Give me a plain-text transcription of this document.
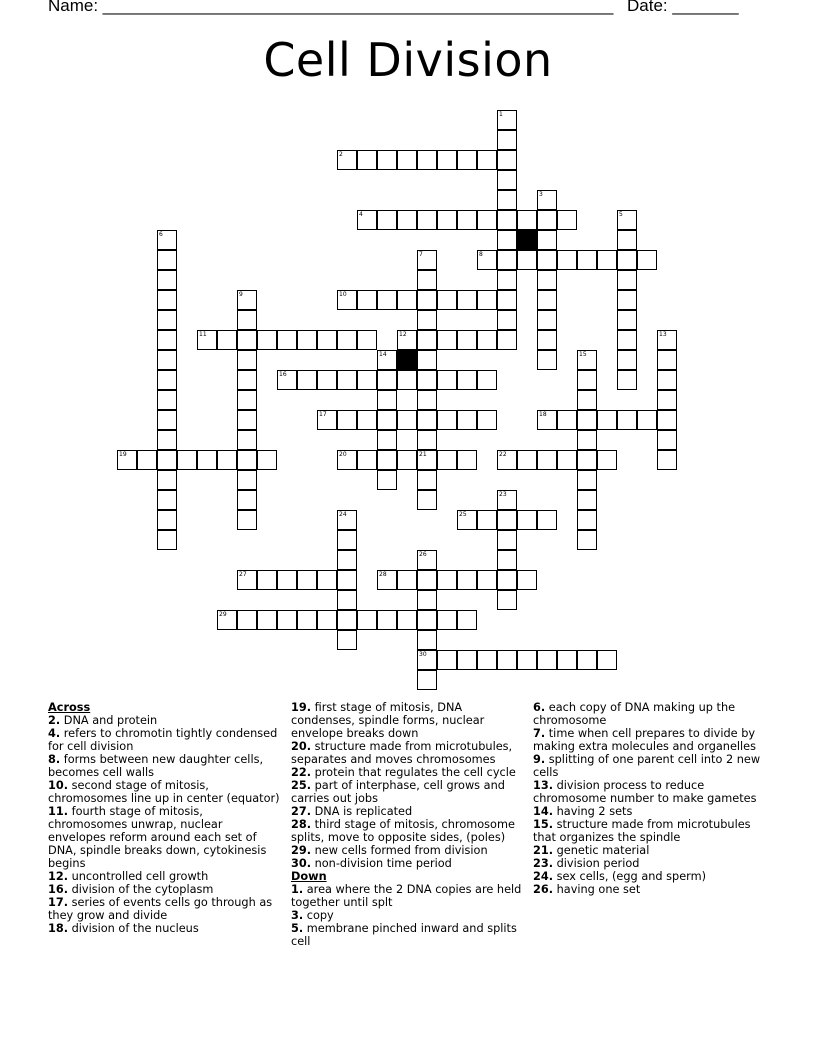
Name: ______________________________________________________ Date: _______
Cell Division
1
2
3
4	5
6
7
21
8
9	10
11	12	13
14	15
16
17	18
19	20	22
23
24	25
26
30
27	28
29
Across
2. DNA and protein
4. refers to chromotin tightly condensed for cell division
8. forms between new daughter cells, becomes cell walls
10. second stage of mitosis, chromosomes line up in center (equator)
11. fourth stage of mitosis, chromosomes unwrap, nuclear envelopes reform around each set of DNA, spindle breaks down, cytokinesis begins
12. uncontrolled cell growth
16. division of the cytoplasm
17. series of events cells go through as they grow and divide
18. division of the nucleus
19. first stage of mitosis, DNA condenses, spindle forms, nuclear envelope breaks down
20. structure made from microtubules, separates and moves chromosomes
22. protein that regulates the cell cycle
25. part of interphase, cell grows and carries out jobs
27. DNA is replicated
28. third stage of mitosis, chromosome splits, move to opposite sides, (poles)
29. new cells formed from division
30. non-division time period
Down
1. area where the 2 DNA copies are held together until splt
3. copy
5. membrane pinched inward and splits cell
6. each copy of DNA making up the chromosome
7. time when cell prepares to divide by making extra molecules and organelles
9. splitting of one parent cell into 2 new cells
13. division process to reduce chromosome number to make gametes
14. having 2 sets
15. structure made from microtubules that organizes the spindle
21. genetic material
23. division period
24. sex cells, (egg and sperm)
26. having one set
